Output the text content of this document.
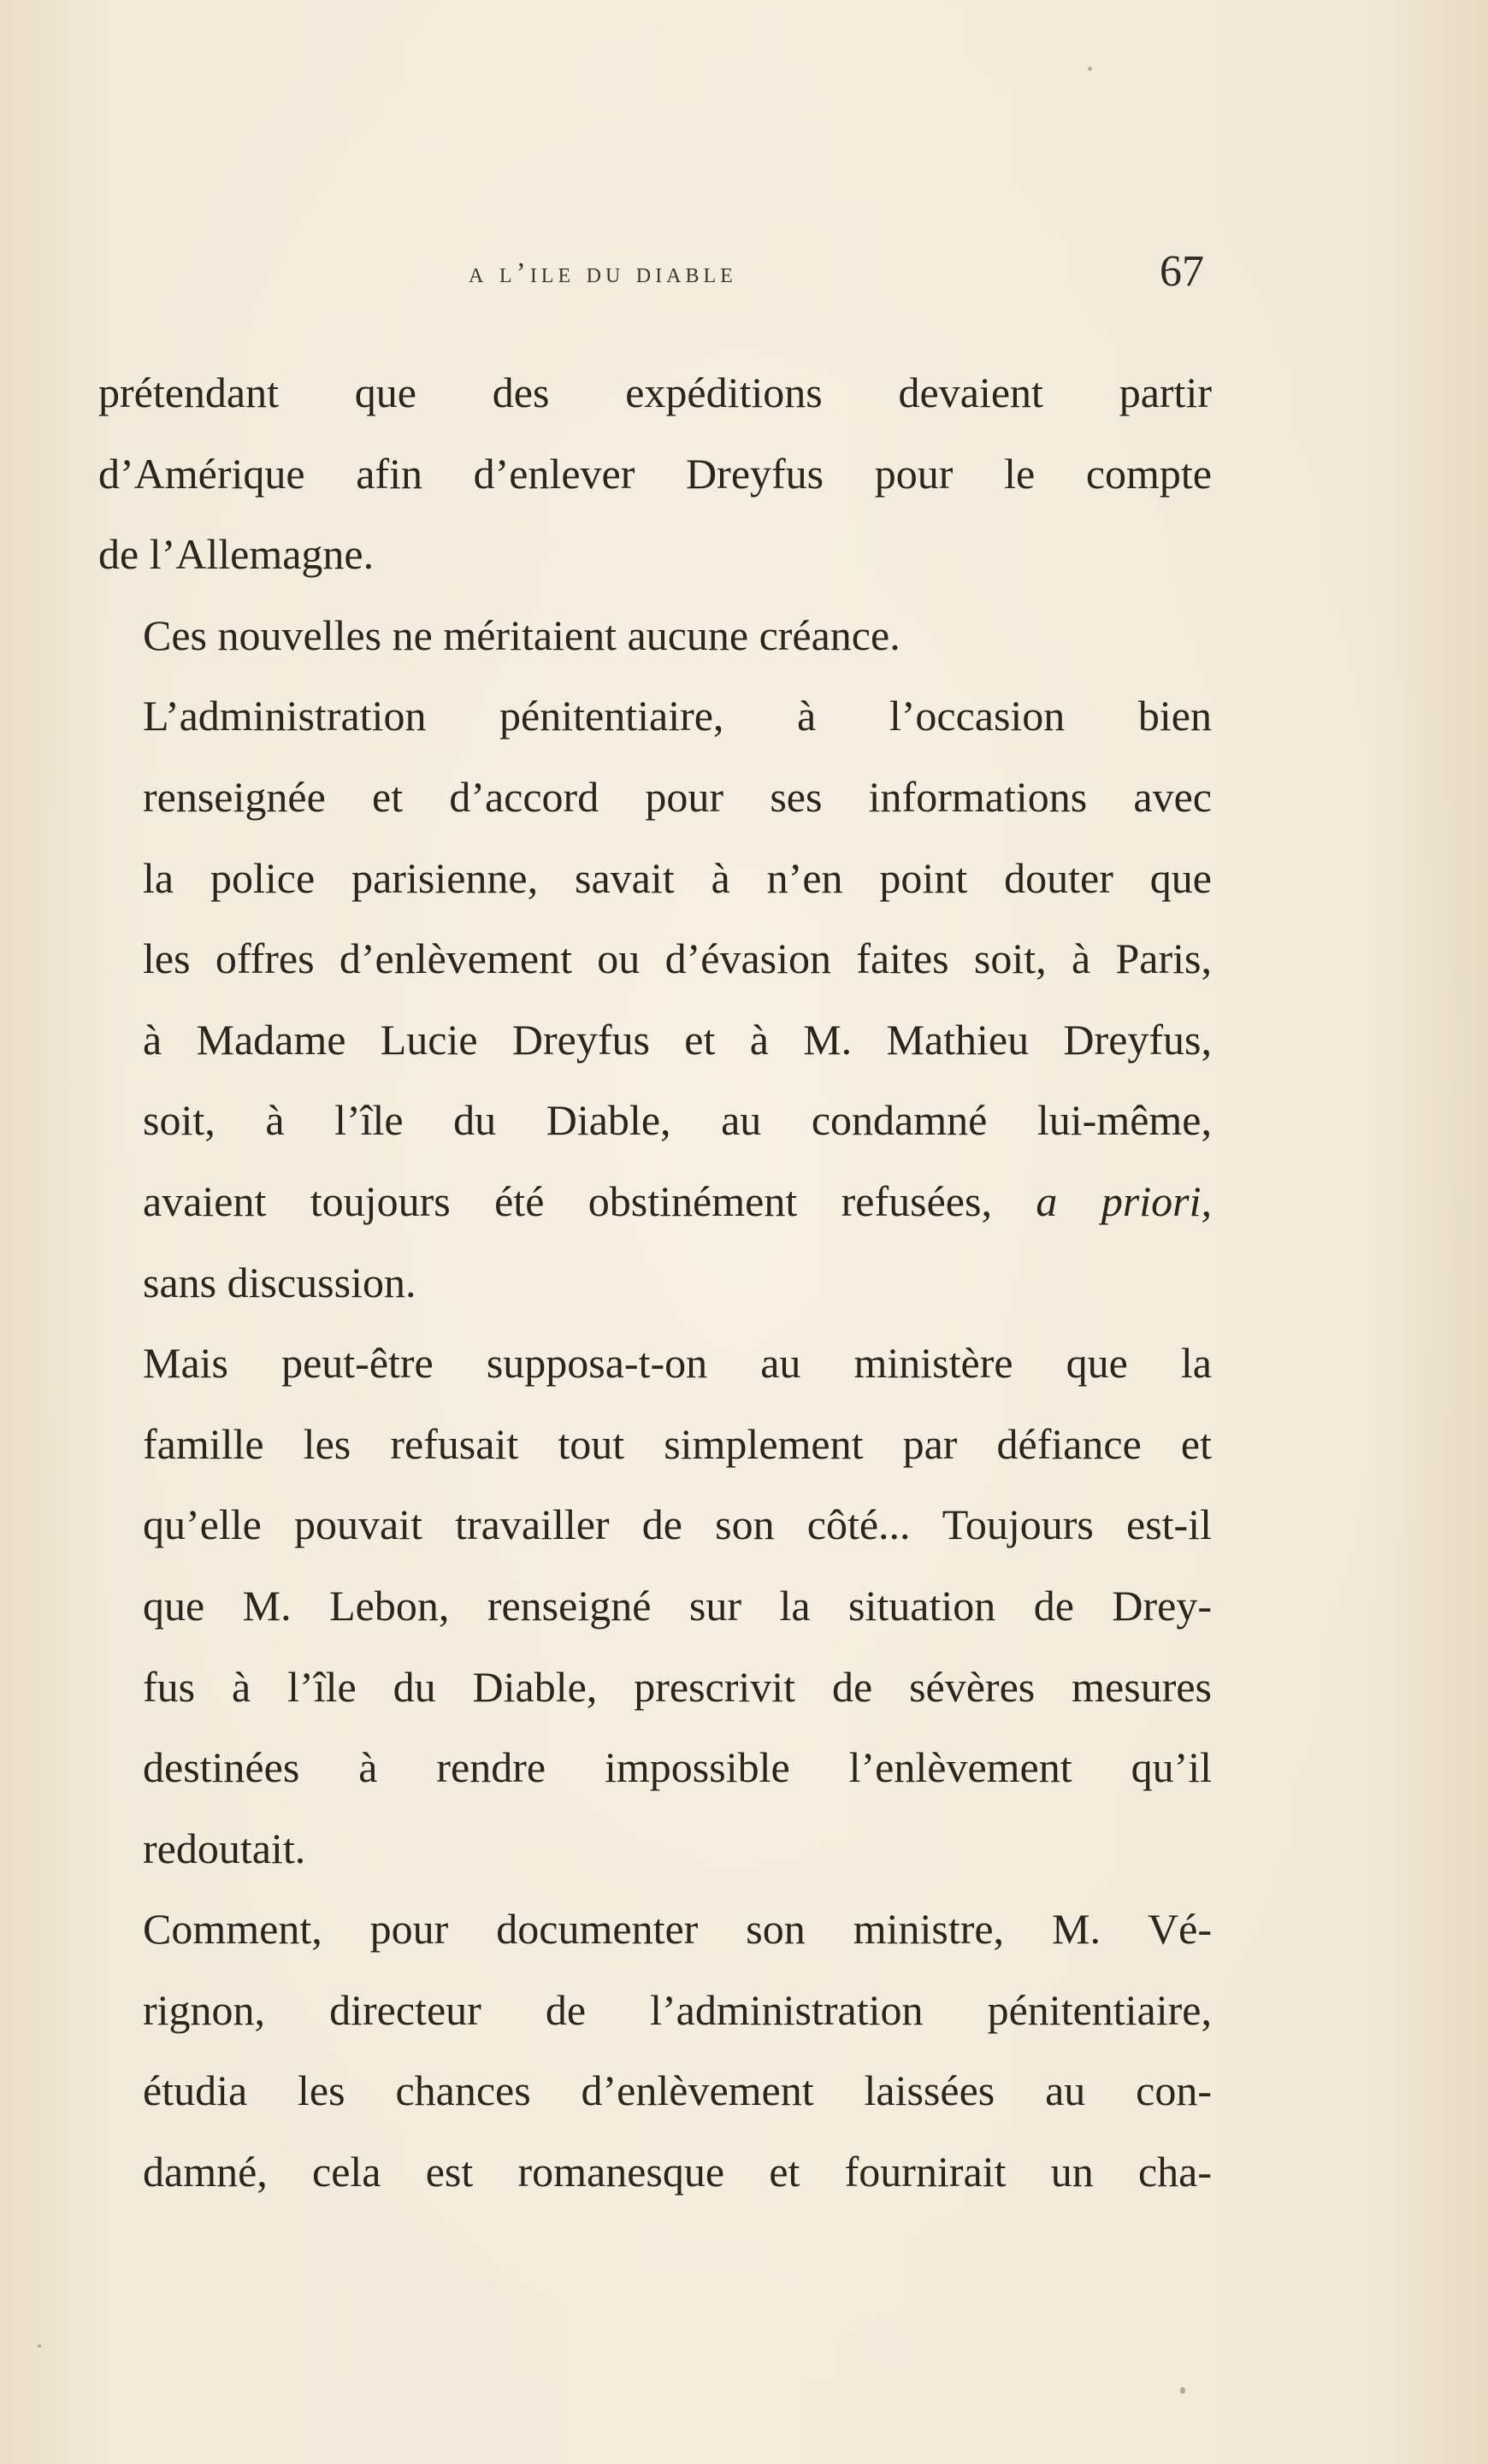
a l’ile du diable	67

prétendant que des expéditions devaient partir
d’Amérique afin d’enlever Dreyfus pour le compte
de l’Allemagne.

Ces nouvelles ne méritaient aucune créance.

L’administration pénitentiaire, à l’occasion bien
renseignée et d’accord pour ses informations avec
la police parisienne, savait à n’en point douter que
les offres d’enlèvement ou d’évasion faites soit, à Paris,
à Madame Lucie Dreyfus et à M. Mathieu Dreyfus,
soit, à l’île du Diable, au condamné lui-même,
avaient toujours été obstinément refusées, a priori,
sans discussion.

Mais peut-être supposa-t-on au ministère que la
famille les refusait tout simplement par défiance et
qu’elle pouvait travailler de son côté... Toujours est-il
que M. Lebon, renseigné sur la situation de Drey-
fus à l’île du Diable, prescrivit de sévères mesures
destinées à rendre impossible l’enlèvement qu’il
redoutait.

Comment, pour documenter son ministre, M. Vé-
rignon, directeur de l’administration pénitentiaire,
étudia les chances d’enlèvement laissées au con-
damné, cela est romanesque et fournirait un cha-
